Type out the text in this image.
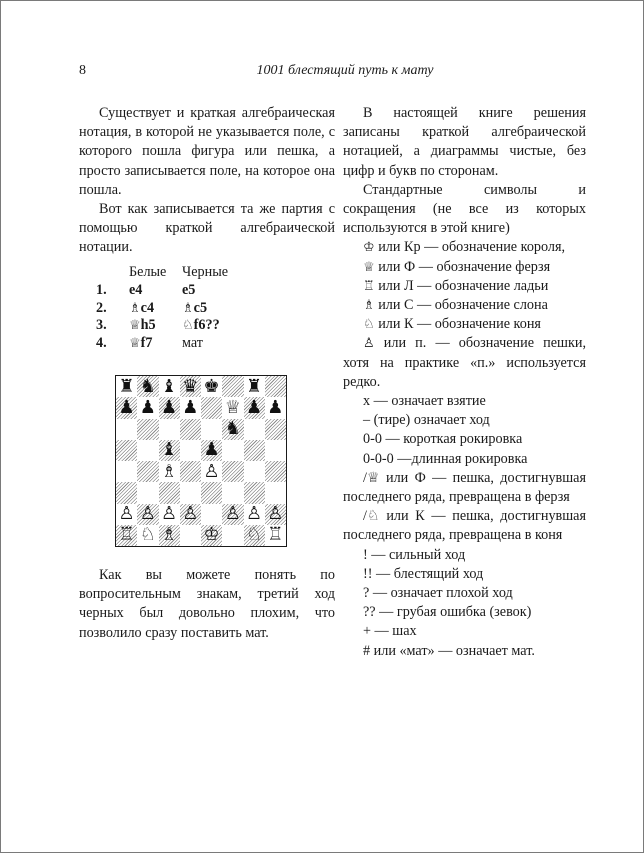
8	1001 блестящий путь к мату

Существует и краткая алгебраическая нотация, в которой не указывается поле, с которого пошла фигура или пешка, а просто записывается поле, на которое она пошла.

Вот как записывается та же партия с помощью краткой алгебраической нотации.

	Белые	Черные
1.	e4	e5
2.	♗c4	♗c5
3.	♕h5	♘f6??
4.	♕f7	мат
♜ ♞ ♝ ♛ ♚ ♜
♟ ♟ ♟ ♟ ♕ ♟ ♟
♞
♝ ♟
♗ ♙
♙ ♙ ♙ ♙ ♙ ♙ ♙
♖ ♘ ♗ ♔ ♘ ♖

Как вы можете понять по вопросительным знакам, третий ход черных был довольно плохим, что позволило сразу поставить мат.

В настоящей книге решения записаны краткой алгебраической нотацией, а диаграммы чистые, без цифр и букв по сторонам.

Стандартные символы и сокращения (не все из которых используются в этой книге)

♔ или Кр — обозначение короля,

♕ или Ф — обозначение ферзя

♖ или Л — обозначение ладьи

♗ или С — обозначение слона

♘ или К — обозначение коня

♙ или п. — обозначение пешки, хотя на практике «п.» используется редко.

х — означает взятие

– (тире) означает ход

0-0 — короткая рокировка

0-0-0 —длинная рокировка

/♕ или Ф — пешка, достигнувшая последнего ряда, превращена в ферзя

/♘ или К — пешка, достигнувшая последнего ряда, превращена в коня

! — сильный ход

!! — блестящий ход

? — означает плохой ход

?? — грубая ошибка (зевок)

+ — шах

# или «мат» — означает мат.
